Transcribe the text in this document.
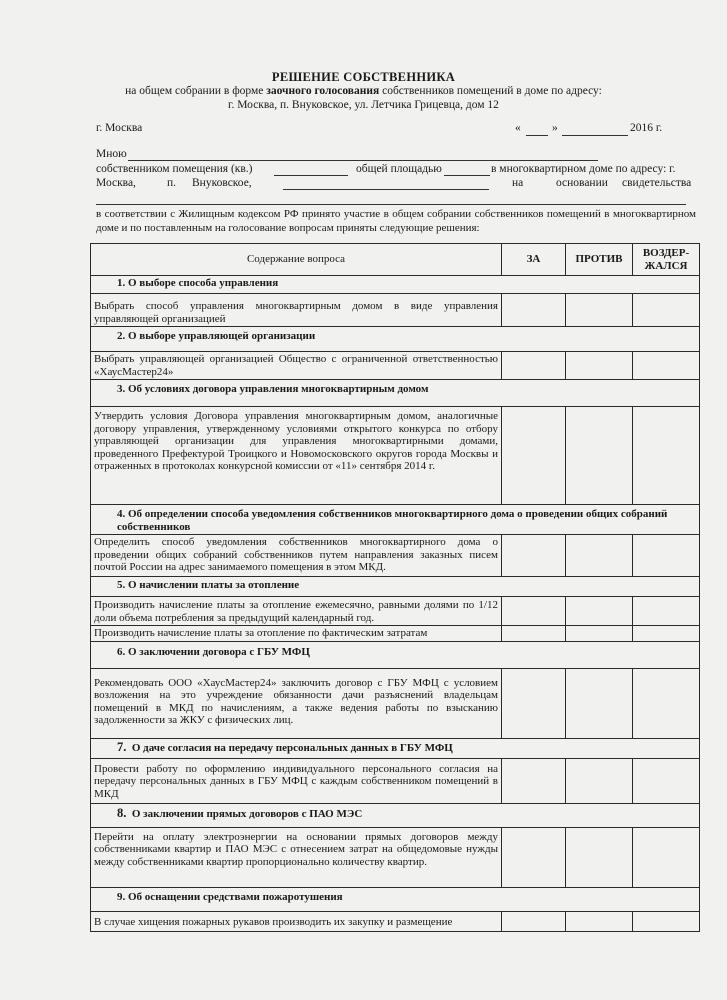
РЕШЕНИЕ СОБСТВЕННИКА
на общем собрании в форме заочного голосования собственников помещений в доме по адресу:
г. Москва, п. Внуковское, ул. Летчика Грицевца, дом 12
г. Москва	«	»	2016 г.
Мною
собственником помещения (кв.)	общей площадью	в многоквартирном доме по адресу: г.
Москва,	п. Внуковское,	на	основании свидетельства
в соответствии с Жилищным кодексом РФ принято участие в общем собрании собственников помещений в многоквартирном доме и по поставленным на голосование вопросам приняты следующие решения:
Содержание вопроса	ЗА	ПРОТИВ	ВОЗДЕР-
ЖАЛСЯ
1. О выборе способа управления			
Выбрать способ управления многоквартирным домом в виде управления управляющей организацией			
2. О выборе управляющей организации			
Выбрать управляющей организацией Общество с ограниченной ответственностью «ХаусМастер24»			
3. Об условиях договора управления многоквартирным домом			
Утвердить условия Договора управления многоквартирным домом, аналогичные договору управления, утвержденному условиями открытого конкурса по отбору управляющей организации для управления многоквартирными домами, проведенного Префектурой Троицкого и Новомосковского округов города Москвы и отраженных в протоколах конкурсной комиссии от «11» сентября 2014 г.			
4. Об определении способа уведомления собственников многоквартирного дома о проведении общих собраний собственников			
Определить способ уведомления собственников многоквартирного дома о проведении общих собраний собственников путем направления заказных писем почтой России на адрес занимаемого помещения в этом МКД.			
5. О начислении платы за отопление			
Производить начисление платы за отопление ежемесячно, равными долями по 1/12 доли объема потребления за предыдущий календарный год.			
Производить начисление платы за отопление по фактическим затратам			
6. О заключении договора с ГБУ МФЦ			
Рекомендовать ООО «ХаусМастер24» заключить договор с ГБУ МФЦ с условием возложения на это учреждение обязанности дачи разъяснений владельцам помещений в МКД по начислениям, а также ведения работы по взысканию задолженности за ЖКУ с физических лиц.			
7. О даче согласия на передачу персональных данных в ГБУ МФЦ			
Провести работу по оформлению индивидуального персонального согласия на передачу персональных данных в ГБУ МФЦ с каждым собственником помещений в МКД			
8. О заключении прямых договоров с ПАО МЭС			
Перейти на оплату электроэнергии на основании прямых договоров между собственниками квартир и ПАО МЭС с отнесением затрат на общедомовые нужды между собственниками квартир пропорционально количеству квартир.			
9. Об оснащении средствами пожаротушения			
В случае хищения пожарных рукавов производить их закупку и размещение			
